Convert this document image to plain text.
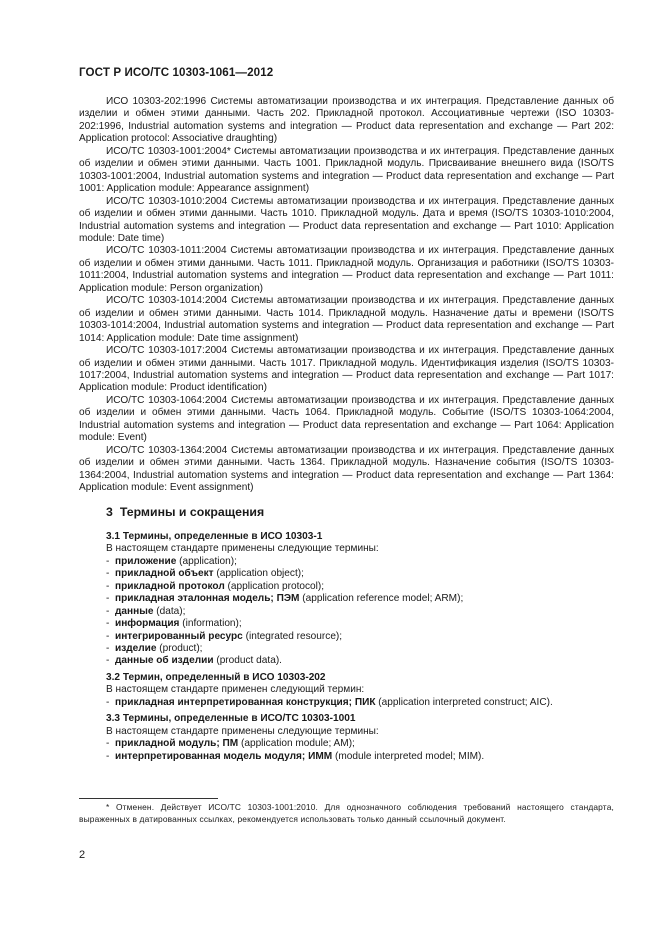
ГОСТ Р ИСО/ТС 10303-1061—2012

ИСО 10303-202:1996 Системы автоматизации производства и их интеграция. Представление данных об изделии и обмен этими данными. Часть 202. Прикладной протокол. Ассоциативные чертежи (ISO 10303-202:1996, Industrial automation systems and integration — Product data representation and exchange — Part 202: Application protocol: Associative draughting)

ИСО/ТС 10303-1001:2004* Системы автоматизации производства и их интеграция. Представление данных об изделии и обмен этими данными. Часть 1001. Прикладной модуль. Присваивание внешнего вида (ISO/TS 10303-1001:2004, Industrial automation systems and integration — Product data representation and exchange — Part 1001: Application module: Appearance assignment)

ИСО/ТС 10303-1010:2004 Системы автоматизации производства и их интеграция. Представление данных об изделии и обмен этими данными. Часть 1010. Прикладной модуль. Дата и время (ISO/TS 10303-1010:2004, Industrial automation systems and integration — Product data representation and exchange — Part 1010: Application module: Date time)

ИСО/ТС 10303-1011:2004 Системы автоматизации производства и их интеграция. Представление данных об изделии и обмен этими данными. Часть 1011. Прикладной модуль. Организация и работники (ISO/TS 10303-1011:2004, Industrial automation systems and integration — Product data representation and exchange — Part 1011: Application module: Person organization)

ИСО/ТС 10303-1014:2004 Системы автоматизации производства и их интеграция. Представление данных об изделии и обмен этими данными. Часть 1014. Прикладной модуль. Назначение даты и времени (ISO/TS 10303-1014:2004, Industrial automation systems and integration — Product data representation and exchange — Part 1014: Application module: Date time assignment)

ИСО/ТС 10303-1017:2004 Системы автоматизации производства и их интеграция. Представление данных об изделии и обмен этими данными. Часть 1017. Прикладной модуль. Идентификация изделия (ISO/TS 10303-1017:2004, Industrial automation systems and integration — Product data representation and exchange — Part 1017: Application module: Product identification)

ИСО/ТС 10303-1064:2004 Системы автоматизации производства и их интеграция. Представление данных об изделии и обмен этими данными. Часть 1064. Прикладной модуль. Событие (ISO/TS 10303-1064:2004, Industrial automation systems and integration — Product data representation and exchange — Part 1064: Application module: Event)

ИСО/ТС 10303-1364:2004 Системы автоматизации производства и их интеграция. Представление данных об изделии и обмен этими данными. Часть 1364. Прикладной модуль. Назначение события (ISO/TS 10303-1364:2004, Industrial automation systems and integration — Product data representation and exchange — Part 1364: Application module: Event assignment)

3 Термины и сокращения

3.1 Термины, определенные в ИСО 10303-1

В настоящем стандарте применены следующие термины:

- приложение (application);
- прикладной объект (application object);
- прикладной протокол (application protocol);
- прикладная эталонная модель; ПЭМ (application reference model; ARM);
- данные (data);
- информация (information);
- интегрированный ресурс (integrated resource);
- изделие (product);
- данные об изделии (product data).

3.2 Термин, определенный в ИСО 10303-202

В настоящем стандарте применен следующий термин:

- прикладная интерпретированная конструкция; ПИК (application interpreted construct; AIC).

3.3 Термины, определенные в ИСО/ТС 10303-1001

В настоящем стандарте применены следующие термины:

- прикладной модуль; ПМ (application module; AM);
- интерпретированная модель модуля; ИММ (module interpreted model; MIM).
* Отменен. Действует ИСО/ТС 10303-1001:2010. Для однозначного соблюдения требований настоящего стандарта, выраженных в датированных ссылках, рекомендуется использовать только данный ссылочный документ.
2
